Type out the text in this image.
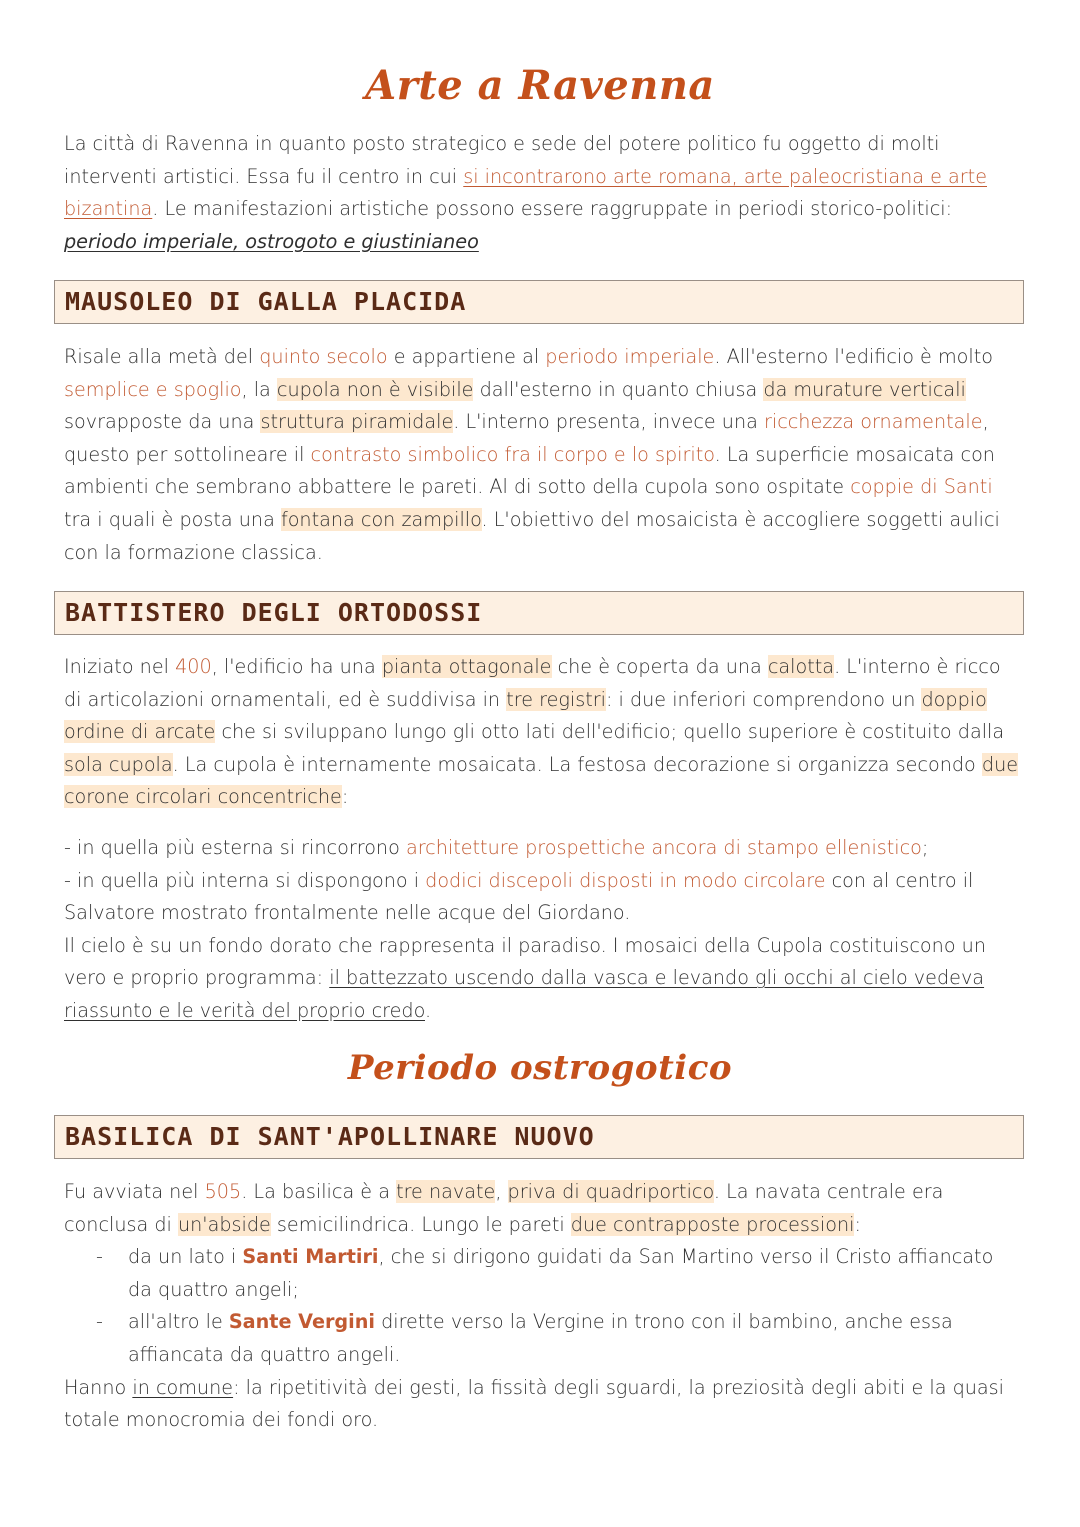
Arte a Ravenna
La città di Ravenna in quanto posto strategico e sede del potere politico fu oggetto di molti interventi artistici. Essa fu il centro in cui si incontrarono arte romana, arte paleocristiana e arte bizantina. Le manifestazioni artistiche possono essere raggruppate in periodi storico-politici: periodo imperiale, ostrogoto e giustinianeo
MAUSOLEO DI GALLA PLACIDA
Risale alla metà del quinto secolo e appartiene al periodo imperiale. All'esterno l'edificio è molto semplice e spoglio, la cupola non è visibile dall'esterno in quanto chiusa da murature verticali sovrapposte da una struttura piramidale. L'interno presenta, invece una ricchezza ornamentale, questo per sottolineare il contrasto simbolico fra il corpo e lo spirito. La superficie mosaicata con ambienti che sembrano abbattere le pareti. Al di sotto della cupola sono ospitate coppie di Santi tra i quali è posta una fontana con zampillo. L'obiettivo del mosaicista è accogliere soggetti aulici con la formazione classica.
BATTISTERO DEGLI ORTODOSSI
Iniziato nel 400, l'edificio ha una pianta ottagonale che è coperta da una calotta. L'interno è ricco di articolazioni ornamentali, ed è suddivisa in tre registri: i due inferiori comprendono un doppio ordine di arcate che si sviluppano lungo gli otto lati dell'edificio; quello superiore è costituito dalla sola cupola. La cupola è internamente mosaicata. La festosa decorazione si organizza secondo due corone circolari concentriche:
- in quella più esterna si rincorrono architetture prospettiche ancora di stampo ellenistico;
- in quella più interna si dispongono i dodici discepoli disposti in modo circolare con al centro il Salvatore mostrato frontalmente nelle acque del Giordano.
Il cielo è su un fondo dorato che rappresenta il paradiso. I mosaici della Cupola costituiscono un vero e proprio programma: il battezzato uscendo dalla vasca e levando gli occhi al cielo vedeva riassunto e le verità del proprio credo.
Periodo ostrogotico
BASILICA DI SANT'APOLLINARE NUOVO
Fu avviata nel 505. La basilica è a tre navate, priva di quadriportico. La navata centrale era conclusa di un'abside semicilindrica. Lungo le pareti due contrapposte processioni:
- da un lato i Santi Martiri, che si dirigono guidati da San Martino verso il Cristo affiancato da quattro angeli;
- all'altro le Sante Vergini dirette verso la Vergine in trono con il bambino, anche essa affiancata da quattro angeli.
Hanno in comune: la ripetitività dei gesti, la fissità degli sguardi, la preziosità degli abiti e la quasi totale monocromia dei fondi oro.
